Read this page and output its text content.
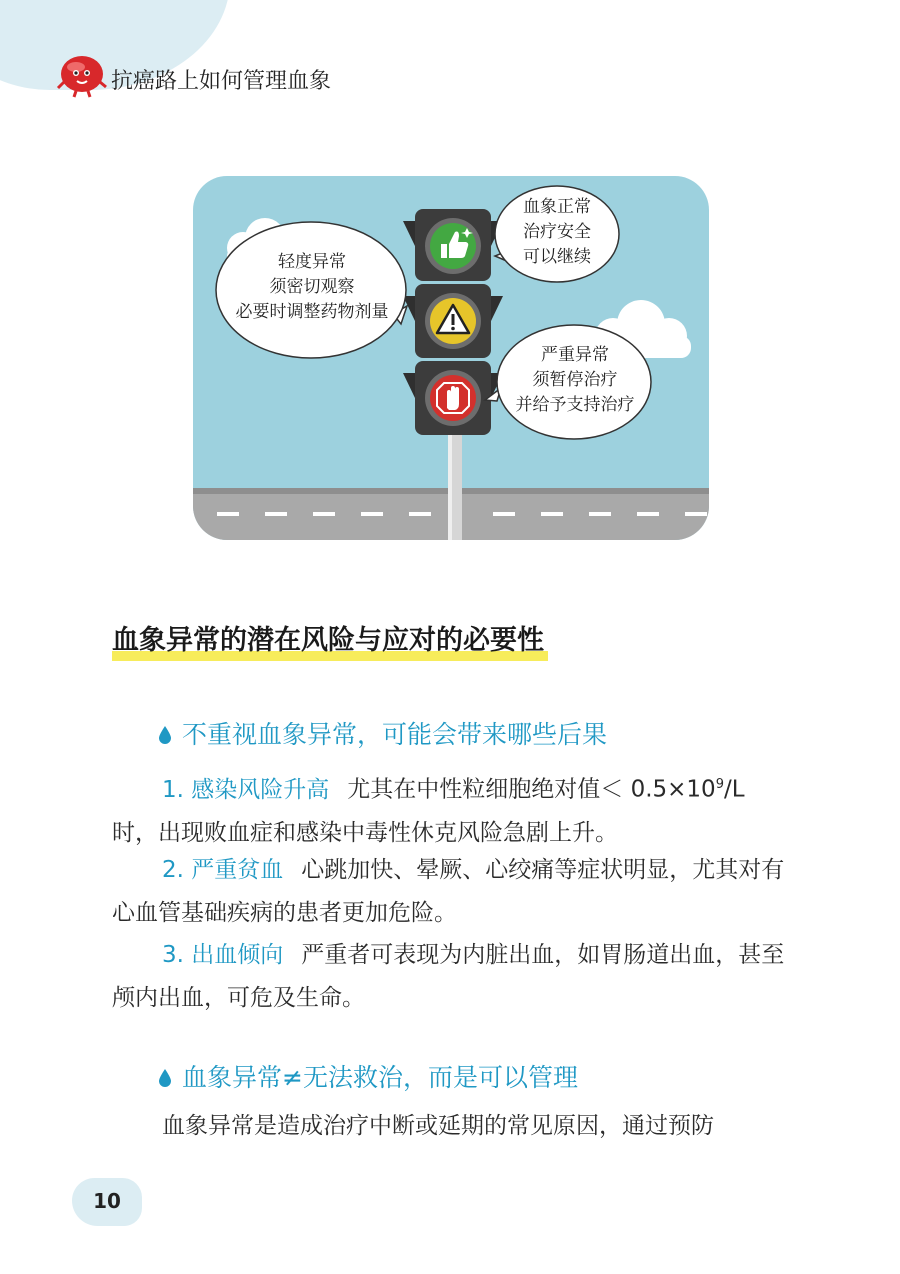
抗癌路上如何管理血象
血象正常
治疗安全
可以继续
轻度异常
须密切观察
必要时调整药物剂量
严重异常
须暂停治疗
并给予支持治疗
血象异常的潜在风险与应对的必要性
不重视血象异常，可能会带来哪些后果
1. 感染风险升高 尤其在中性粒细胞绝对值＜ $0.5\times 10^9/L$ 时，出现败血症和感染中毒性休克风险急剧上升。
2. 严重贫血 心跳加快、晕厥、心绞痛等症状明显，尤其对有心血管基础疾病的患者更加危险。
3. 出血倾向 严重者可表现为内脏出血，如胃肠道出血，甚至颅内出血，可危及生命。
血象异常≠无法救治，而是可以管理
血象异常是造成治疗中断或延期的常见原因，通过预防
10
